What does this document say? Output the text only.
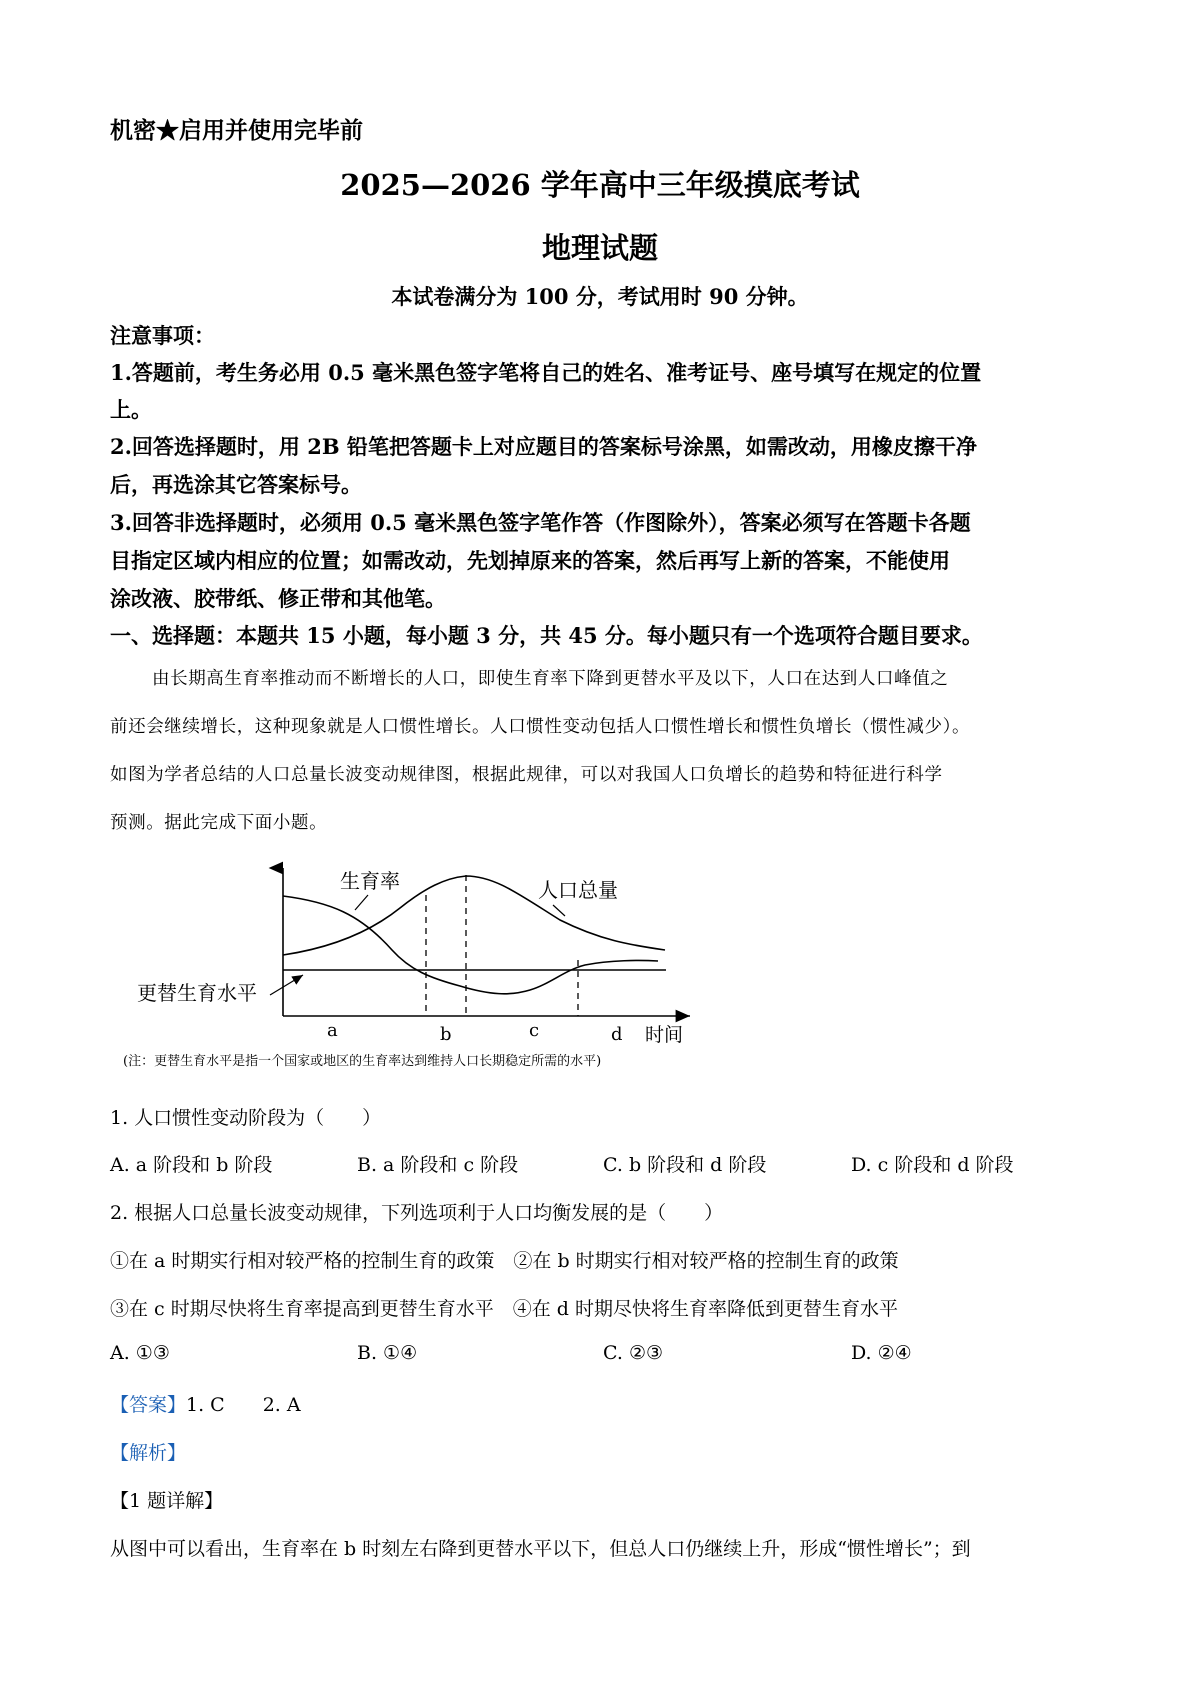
机密★启用并使用完毕前
2025—2026 学年高中三年级摸底考试
地理试题
本试卷满分为 100 分，考试用时 90 分钟。
注意事项：
1.答题前，考生务必用 0.5 毫米黑色签字笔将自己的姓名、准考证号、座号填写在规定的位置
上。
2.回答选择题时，用 2B 铅笔把答题卡上对应题目的答案标号涂黑，如需改动，用橡皮擦干净
后，再选涂其它答案标号。
3.回答非选择题时，必须用 0.5 毫米黑色签字笔作答（作图除外），答案必须写在答题卡各题
目指定区域内相应的位置；如需改动，先划掉原来的答案，然后再写上新的答案，不能使用
涂改液、胶带纸、修正带和其他笔。
一、选择题：本题共 15 小题，每小题 3 分，共 45 分。每小题只有一个选项符合题目要求。
由长期高生育率推动而不断增长的人口，即使生育率下降到更替水平及以下，人口在达到人口峰值之
前还会继续增长，这种现象就是人口惯性增长。人口惯性变动包括人口惯性增长和惯性负增长（惯性减少）。
如图为学者总结的人口总量长波变动规律图，根据此规律，可以对我国人口负增长的趋势和特征进行科学
预测。据此完成下面小题。
生育率	人口总量
更替生育水平
a	b	c	d 时间
(注：更替生育水平是指一个国家或地区的生育率达到维持人口长期稳定所需的水平)
1. 人口惯性变动阶段为（　　）
A. a 阶段和 b 阶段	B. a 阶段和 c 阶段	C. b 阶段和 d 阶段	D. c 阶段和 d 阶段
2. 根据人口总量长波变动规律，下列选项利于人口均衡发展的是（　　）
①在 a 时期实行相对较严格的控制生育的政策　②在 b 时期实行相对较严格的控制生育的政策
③在 c 时期尽快将生育率提高到更替生育水平　④在 d 时期尽快将生育率降低到更替生育水平
A. ①③	B. ①④	C. ②③	D. ②④
【答案】1. C　　2. A
【解析】
【1 题详解】
从图中可以看出，生育率在 b 时刻左右降到更替水平以下，但总人口仍继续上升，形成“惯性增长”；到
